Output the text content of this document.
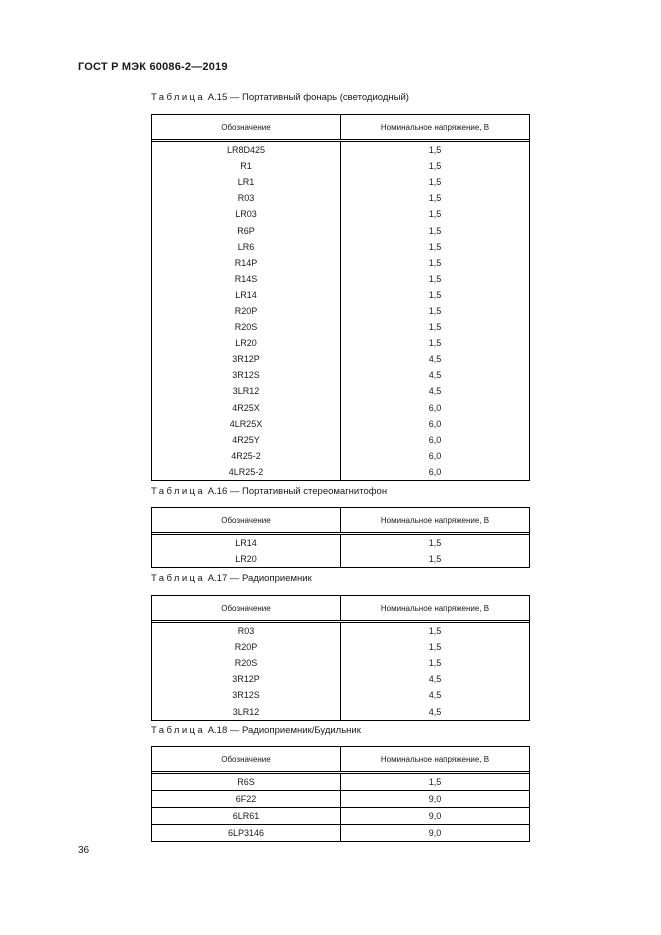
ГОСТ Р МЭК 60086-2—2019
Таблица А.15 — Портативный фонарь (светодиодный)
Обозначение	Номинальное напряжение, В
LR8D425	1,5
R1	1,5
LR1	1,5
R03	1,5
LR03	1,5
R6P	1,5
LR6	1,5
R14P	1,5
R14S	1,5
LR14	1,5
R20P	1,5
R20S	1,5
LR20	1,5
3R12P	4,5
3R12S	4,5
3LR12	4,5
4R25X	6,0
4LR25X	6,0
4R25Y	6,0
4R25-2	6,0
4LR25-2	6,0
Таблица А.16 — Портативный стереомагнитофон
Обозначение	Номинальное напряжение, В
LR14	1,5
LR20	1,5
Таблица А.17 — Радиоприемник
Обозначение	Номинальное напряжение, В
R03	1,5
R20P	1,5
R20S	1,5
3R12P	4,5
3R12S	4,5
3LR12	4,5
Таблица А.18 — Радиоприемник/Будильник
Обозначение	Номинальное напряжение, В
R6S	1,5
6F22	9,0
6LR61	9,0
6LP3146	9,0
36
